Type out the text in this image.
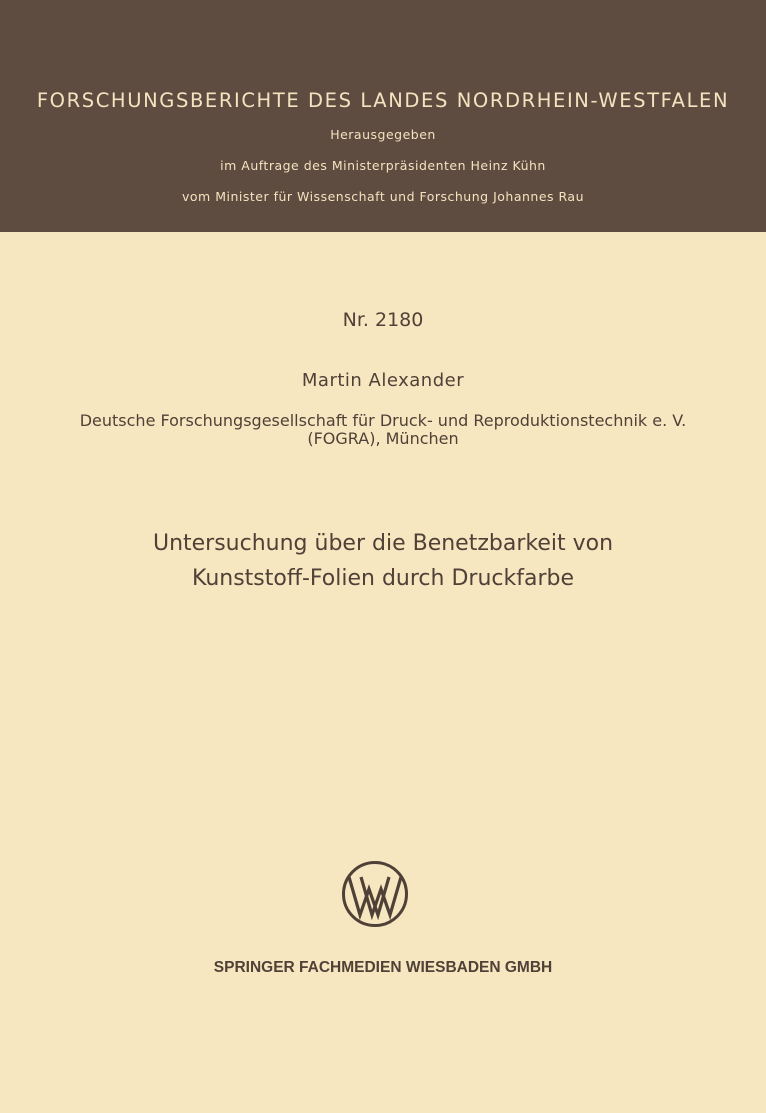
FORSCHUNGSBERICHTE DES LANDES NORDRHEIN-WESTFALEN
Herausgegeben
im Auftrage des Ministerpräsidenten Heinz Kühn
vom Minister für Wissenschaft und Forschung Johannes Rau
Nr. 2180
Martin Alexander
Deutsche Forschungsgesellschaft für Druck- und Reproduktionstechnik e. V.
(FOGRA), München
Untersuchung über die Benetzbarkeit von
Kunststoff-Folien durch Druckfarbe
SPRINGER FACHMEDIEN WIESBADEN GMBH
